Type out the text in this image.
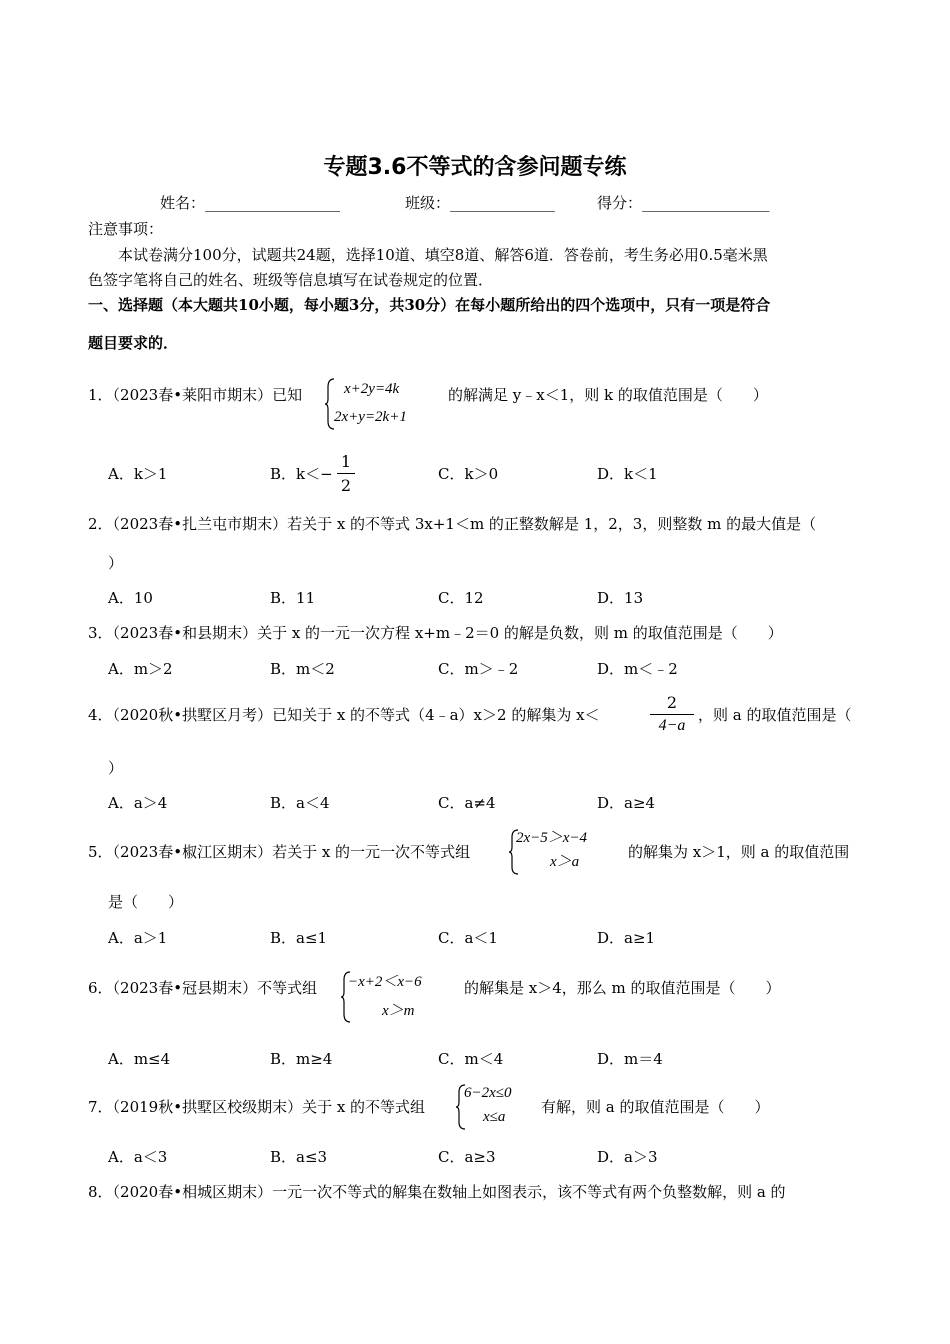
专题3.6不等式的含参问题专练
姓名：__________________	班级：______________	得分：_________________
注意事项：
本试卷满分100分，试题共24题，选择10道、填空8道、解答6道．答卷前，考生务必用0.5毫米黑
色签字笔将自己的姓名、班级等信息填写在试卷规定的位置．
一、选择题（本大题共10小题，每小题3分，共30分）在每小题所给出的四个选项中，只有一项是符合
题目要求的．
1．（2023春•莱阳市期末）已知	x+2y=4k
2x+y=2k+1
的解满足 y﹣x＜1，则 k 的取值范围是（　　）
A．k＞1	B．k＜−
1
2
C．k＞0	D．k＜1
2．（2023春•扎兰屯市期末）若关于 x 的不等式 3x+1＜m 的正整数解是 1，2，3，则整数 m 的最大值是（
）
A．10	B．11	C．12	D．13
3．（2023春•和县期末）关于 x 的一元一次方程 x+m﹣2＝0 的解是负数，则 m 的取值范围是（　　）
A．m＞2	B．m＜2	C．m＞﹣2	D．m＜﹣2
4．（2020秋•拱墅区月考）已知关于 x 的不等式（4﹣a）x＞2 的解集为 x＜
2
4−a
，则 a 的取值范围是（
）
A．a＞4	B．a＜4	C．a≠4	D．a≥4
5．（2023春•椒江区期末）若关于 x 的一元一次不等式组
2x−5＞x−4
x＞a
的解集为 x＞1，则 a 的取值范围
是（　　）
A．a＞1	B．a≤1	C．a＜1	D．a≥1
6．（2023春•冠县期末）不等式组 −x+2＜x−6
x＞m
的解集是 x＞4，那么 m 的取值范围是（　　）
A．m≤4	B．m≥4	C．m＜4	D．m＝4
7．（2019秋•拱墅区校级期末）关于 x 的不等式组
6−2x≤0
x≤a
有解，则 a 的取值范围是（　　）
A．a＜3	B．a≤3	C．a≥3	D．a＞3
8．（2020春•相城区期末）一元一次不等式的解集在数轴上如图表示，该不等式有两个负整数解，则 a 的
